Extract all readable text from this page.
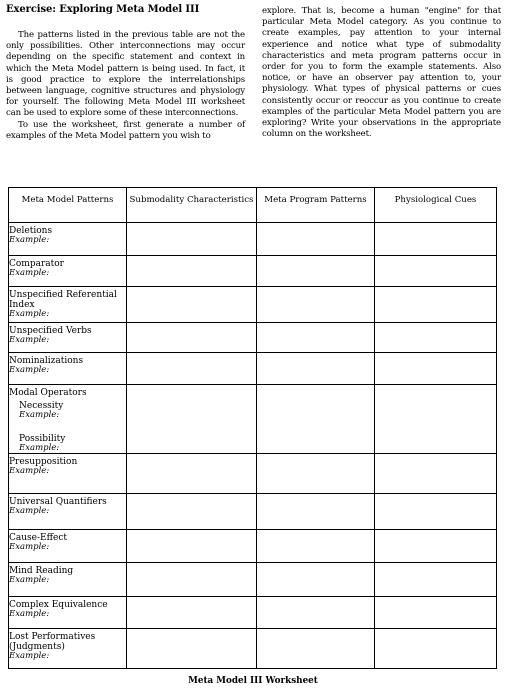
Exercise: Exploring Meta Model III

The patterns listed in the previous table are not the only possibilities. Other interconnections may occur depending on the specific statement and context in which the Meta Model pattern is being used. In fact, it is good practice to explore the interrelationships between language, cognitive structures and physiology for yourself. The following Meta Model III worksheet can be used to explore some of these interconnections.

To use the worksheet, first generate a number of examples of the Meta Model pattern you wish to

explore. That is, become a human "engine" for that particular Meta Model category. As you continue to create examples, pay attention to your internal experience and notice what type of submodality characteristics and meta program patterns occur in order for you to form the example statements. Also notice, or have an observer pay attention to, your physiology. What types of physical patterns or cues consistently occur or reoccur as you continue to create examples of the particular Meta Model pattern you are exploring? Write your observations in the appropriate column on the worksheet.

Meta Model Patterns	Submodality Characteristics	Meta Program Patterns	Physiological Cues

Deletions
Example:			

Comparator
Example:			

Unspecified Referential Index
Example:			

Unspecified Verbs
Example:			

Nominalizations
Example:			

Modal Operators
Necessity
Example:
Possibility
Example:			

Presupposition
Example:			

Universal Quantifiers
Example:			

Cause-Effect
Example:			

Mind Reading
Example:			

Complex Equivalence
Example:			

Lost Performatives (Judgments)
Example:			

Meta Model III Worksheet
